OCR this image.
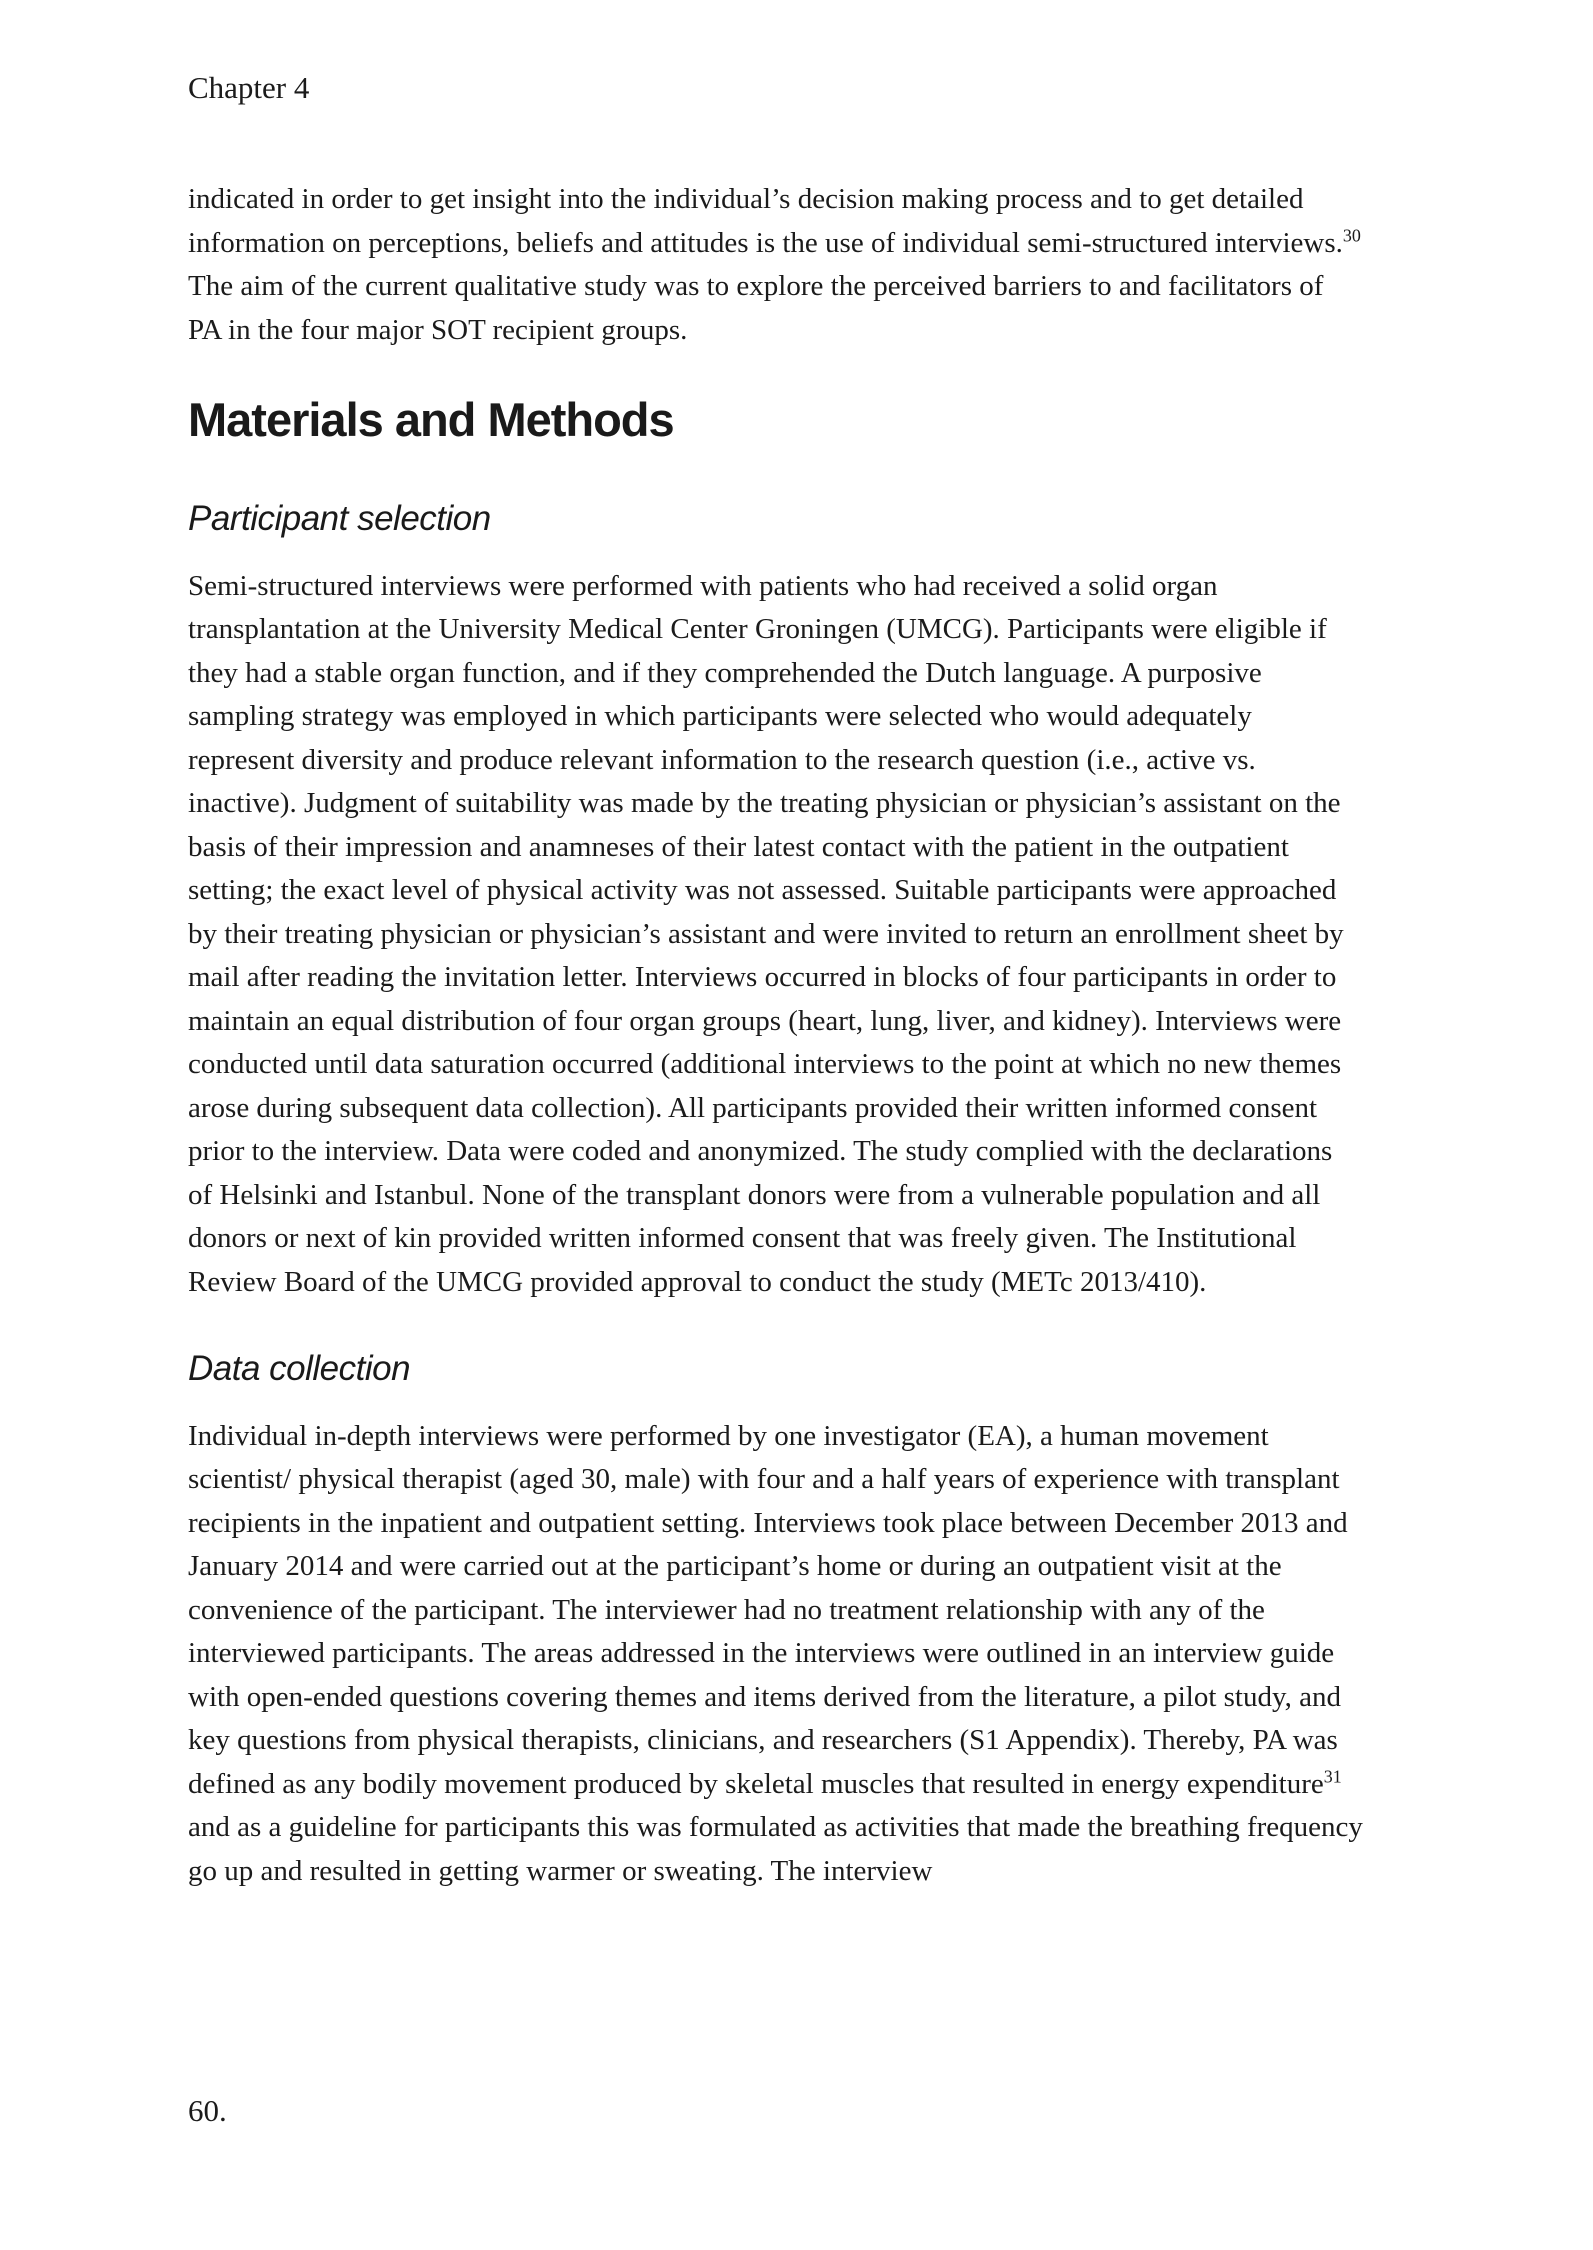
Chapter 4

indicated in order to get insight into the individual’s decision making process and to get detailed information on perceptions, beliefs and attitudes is the use of individual semi-structured interviews.$^{30}$ The aim of the current qualitative study was to explore the perceived barriers to and facilitators of PA in the four major SOT recipient groups.

Materials and Methods
Participant selection

Semi-structured interviews were performed with patients who had received a solid organ transplantation at the University Medical Center Groningen (UMCG). Participants were eligible if they had a stable organ function, and if they comprehended the Dutch language. A purposive sampling strategy was employed in which participants were selected who would adequately represent diversity and produce relevant information to the research question (i.e., active vs. inactive). Judgment of suitability was made by the treating physician or physician’s assistant on the basis of their impression and anamneses of their latest contact with the patient in the outpatient setting; the exact level of physical activity was not assessed. Suitable participants were approached by their treating physician or physician’s assistant and were invited to return an enrollment sheet by mail after reading the invitation letter. Interviews occurred in blocks of four participants in order to maintain an equal distribution of four organ groups (heart, lung, liver, and kidney). Interviews were conducted until data saturation occurred (additional interviews to the point at which no new themes arose during subsequent data collection). All participants provided their written informed consent prior to the interview. Data were coded and anonymized. The study complied with the declarations of Helsinki and Istanbul. None of the transplant donors were from a vulnerable population and all donors or next of kin provided written informed consent that was freely given. The Institutional Review Board of the UMCG provided approval to conduct the study (METc 2013/410).

Data collection

Individual in-depth interviews were performed by one investigator (EA), a human movement scientist/ physical therapist (aged 30, male) with four and a half years of experience with transplant recipients in the inpatient and outpatient setting. Interviews took place between December 2013 and January 2014 and were carried out at the participant’s home or during an outpatient visit at the convenience of the participant. The interviewer had no treatment relationship with any of the interviewed participants. The areas addressed in the interviews were outlined in an interview guide with open-ended questions covering themes and items derived from the literature, a pilot study, and key questions from physical therapists, clinicians, and researchers (S1 Appendix). Thereby, PA was defined as any bodily movement produced by skeletal muscles that resulted in energy expenditure$^{31}$ and as a guideline for participants this was formulated as activities that made the breathing frequency go up and resulted in getting warmer or sweating. The interview

60.
